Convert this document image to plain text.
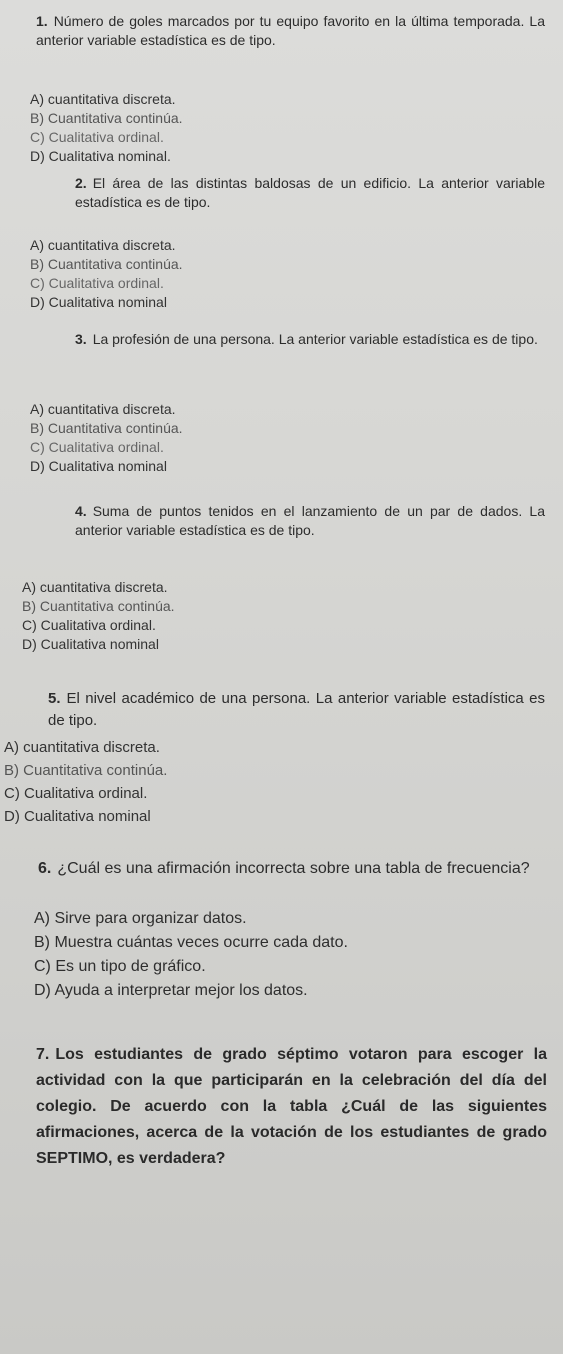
1. Número de goles marcados por tu equipo favorito en la última temporada. La anterior variable estadística es de tipo.
A) cuantitativa discreta.
B) Cuantitativa continúa.
C) Cualitativa ordinal.
D) Cualitativa nominal.
2. El área de las distintas baldosas de un edificio. La anterior variable estadística es de tipo.
A) cuantitativa discreta.
B) Cuantitativa continúa.
C) Cualitativa ordinal.
D) Cualitativa nominal
3. La profesión de una persona. La anterior variable estadística es de tipo.
A) cuantitativa discreta.
B) Cuantitativa continúa.
C) Cualitativa ordinal.
D) Cualitativa nominal
4. Suma de puntos tenidos en el lanzamiento de un par de dados. La anterior variable estadística es de tipo.
A) cuantitativa discreta.
B) Cuantitativa continúa.
C) Cualitativa ordinal.
D) Cualitativa nominal
5. El nivel académico de una persona. La anterior variable estadística es de tipo.
A) cuantitativa discreta.
B) Cuantitativa continúa.
C) Cualitativa ordinal.
D) Cualitativa nominal
6. ¿Cuál es una afirmación incorrecta sobre una tabla de frecuencia?
A) Sirve para organizar datos.
B) Muestra cuántas veces ocurre cada dato.
C) Es un tipo de gráfico.
D) Ayuda a interpretar mejor los datos.
7. Los estudiantes de grado séptimo votaron para escoger la actividad con la que participarán en la celebración del día del colegio. De acuerdo con la tabla ¿Cuál de las siguientes afirmaciones, acerca de la votación de los estudiantes de grado SEPTIMO, es verdadera?
